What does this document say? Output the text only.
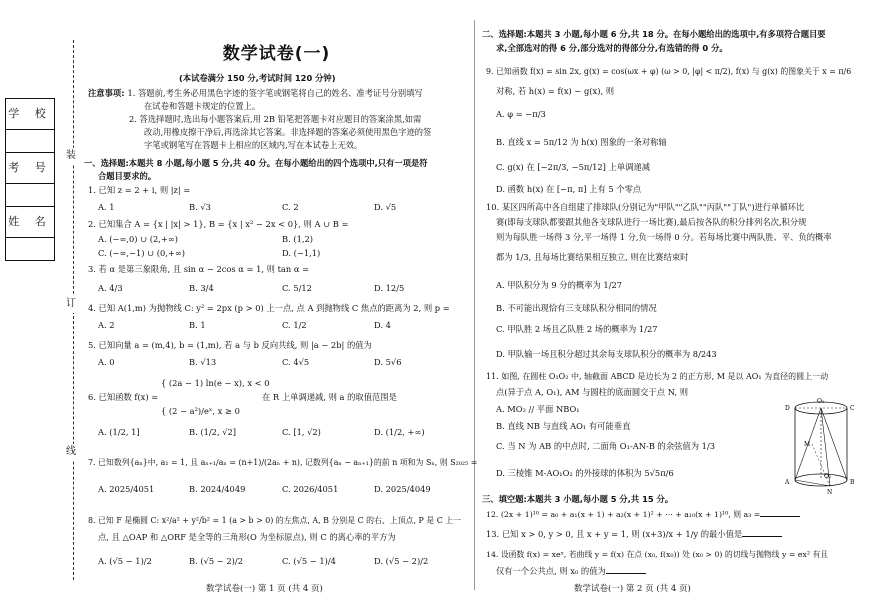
学 校
考 号
姓 名
装
订
线
数学试卷(一)
(本试卷满分 150 分,考试时间 120 分钟)
注意事项: 1. 答题前,考生务必用黑色字迹的签字笔或钢笔将自己的姓名、准考证号分别填写
在试卷和答题卡规定的位置上。
2. 答选择题时,选出每小题答案后,用 2B 铅笔把答题卡对应题目的答案涂黑,如需
改动,用橡皮擦干净后,再选涂其它答案。非选择题的答案必须使用黑色字迹的签
字笔或钢笔写在答题卡上相应的区域内,写在本试卷上无效。
一、选择题:本题共 8 小题,每小题 5 分,共 40 分。在每小题给出的四个选项中,只有一项是符
合题目要求的。
1. 已知 z = 2 + i, 则 |z| =
A. 1	B. √3	C. 2	D. √5
2. 已知集合 A = {x | |x| > 1}, B = {x | x² − 2x < 0}, 则 A ∪ B =
A. (−∞,0) ∪ (2,+∞)	B. (1,2)
C. (−∞,−1) ∪ (0,+∞)	D. (−1,1)
3. 若 α 是第三象限角, 且 sin α − 2cos α = 1, 则 tan α =
A. 4/3	B. 3/4	C. 5/12	D. 12/5
4. 已知 A(1,m) 为抛物线 C: y² = 2px (p > 0) 上一点, 点 A 到抛物线 C 焦点的距离为 2, 则 p =
A. 2	B. 1	C. 1/2	D. 4
5. 已知向量 a = (m,4), b = (1,m), 若 a 与 b 反向共线, 则 |a − 2b| 的值为
A. 0	B. √13	C. 4√5	D. 5√6
{ (2a − 1) ln(e − x), x < 0
6. 已知函数 f(x) =	在 R 上单调递减, 则 a 的取值范围是
{ (2 − a²)/eˣ, x ≥ 0
A. (1/2, 1]	B. (1/2, √2]	C. [1, √2)	D. (1/2, +∞)
7. 已知数列{aₙ}中, a₁ = 1, 且 aₙ₊₁/aₙ = (n+1)/(2aₙ + n), 记数列{aₙ − aₙ₊₁}的前 n 项和为 Sₙ, 则 S₂₀₂₅ =
A. 2025/4051	B. 2024/4049	C. 2026/4051	D. 2025/4049
8. 已知 F 是椭圆 C: x²/a² + y²/b² = 1 (a > b > 0) 的左焦点, A, B 分别是 C 的右、上顶点, P 是 C 上一
点, 且 △OAP 和 △ORF 是全等的三角形(O 为坐标原点), 则 C 的离心率的平方为
A. (√5 − 1)/2	B. (√5 − 2)/2	C. (√5 − 1)/4	D. (√5 − 2)/2
数学试卷(一) 第 1 页 (共 4 页)
二、选择题:本题共 3 小题,每小题 6 分,共 18 分。在每小题给出的选项中,有多项符合题目要
求,全部选对的得 6 分,部分选对的得部分分,有选错的得 0 分。
9. 已知函数 f(x) = sin 2x, g(x) = cos(ωx + φ) (ω > 0, |φ| < π/2), f(x) 与 g(x) 的图象关于 x = π/6
对称, 若 h(x) = f(x) − g(x), 则
A. φ = −π/3
B. 直线 x = 5π/12 为 h(x) 图象的一条对称轴
C. g(x) 在 [−2π/3, −5π/12] 上单调递减
D. 函数 h(x) 在 [−π, π] 上有 5 个零点
10. 某区四所高中各自组建了排球队(分别记为"甲队""乙队""丙队""丁队")进行单循环比
赛(即每支球队都要跟其他各支球队进行一场比赛),最后按各队的积分排列名次,积分规
则为每队胜一场得 3 分,平一场得 1 分,负一场得 0 分。若每场比赛中两队胜、平、负的概率
都为 1/3, 且每场比赛结果相互独立, 则在比赛结束时
A. 甲队积分为 9 分的概率为 1/27
B. 不可能出现恰有三支球队积分相同的情况
C. 甲队胜 2 场且乙队胜 2 场的概率为 1/27
D. 甲队输一场且积分超过其余每支球队积分的概率为 8/243
11. 如图, 在圆柱 O₁O₂ 中, 轴截面 ABCD 是边长为 2 的正方形, M 是以 AO₁ 为直径的圆上一动
点(异于点 A, O₁), AM 与圆柱的底面圆交于点 N, 则
A. MO₂ // 平面 NBO₁
B. 直线 NB 与直线 AO₁ 有可能垂直
C. 当 N 为 AB 的中点时, 二面角 O₁-AN-B 的余弦值为 1/3
D. 三棱锥 M-AO₁O₂ 的外接球的体积为 5√5π/6
O₁
D	C
M
A
O₂
B
N
三、填空题:本题共 3 小题,每小题 5 分,共 15 分。
12. (2x + 1)¹⁰ = a₀ + a₁(x + 1) + a₂(x + 1)² + ··· + a₁₀(x + 1)¹⁰, 则 a₃ =
13. 已知 x > 0, y > 0, 且 x + y = 1, 则 (x+3)/x + 1/y 的最小值是
14. 设函数 f(x) = xeˣ, 若曲线 y = f(x) 在点 (x₀, f(x₀)) 处 (x₀ > 0) 的切线与抛物线 y = ex² 有且
仅有一个公共点, 则 x₀ 的值为
数学试卷(一) 第 2 页 (共 4 页)
